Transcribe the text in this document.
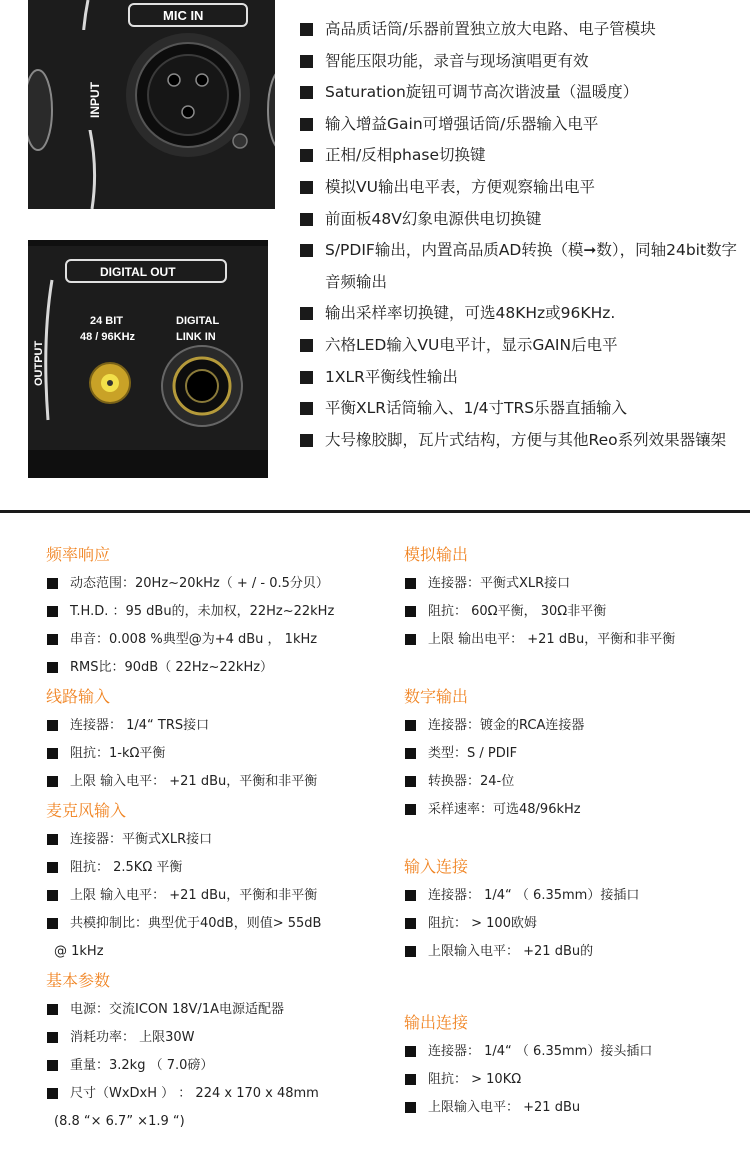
INPUT
MIC IN
OUTPUT
DIGITAL OUT
24 BIT
48 / 96KHz
DIGITAL
LINK IN
高品质话筒/乐器前置独立放大电路、电子管模块
智能压限功能，录音与现场演唱更有效
Saturation旋钮可调节高次谐波量（温暖度）
输入增益Gain可增强话筒/乐器输入电平
正相/反相phase切换键
模拟VU输出电平表，方便观察输出电平
前面板48V幻象电源供电切换键
S/PDIF输出，内置高品质AD转换（模➞数），同轴24bit数字音频输出
输出采样率切换键，可选48KHz或96KHz.
六格LED输入VU电平计，显示GAIN后电平
1XLR平衡线性输出
平衡XLR话筒输入、1/4寸TRS乐器直插输入
大号橡胶脚，瓦片式结构，方便与其他Reo系列效果器镶架
频率响应
动态范围：20Hz~20kHz（ + / - 0.5分贝）
T.H.D. ：95 dBu的，未加权，22Hz~22kHz
串音：0.008 %典型@为+4 dBu ， 1kHz
RMS比：90dB（ 22Hz~22kHz）
线路输入
连接器： 1/4“ TRS接口
阻抗：1-kΩ平衡
上限 输入电平： +21 dBu，平衡和非平衡
麦克风输入
连接器：平衡式XLR接口
阻抗： 2.5KΩ 平衡
上限 输入电平： +21 dBu，平衡和非平衡
共模抑制比：典型优于40dB，则值> 55dB
@ 1kHz
基本参数
电源：交流ICON 18V/1A电源适配器
消耗功率： 上限30W
重量：3.2kg （ 7.0磅）
尺寸（WxDxH ） ： 224 x 170 x 48mm
(8.8 “× 6.7” ×1.9 “)
模拟输出
连接器：平衡式XLR接口
阻抗： 60Ω平衡， 30Ω非平衡
上限 输出电平： +21 dBu，平衡和非平衡
数字输出
连接器：镀金的RCA连接器
类型：S / PDIF
转换器：24-位
采样速率：可选48/96kHz
输入连接
连接器： 1/4“ （ 6.35mm）接插口
阻抗： > 100欧姆
上限输入电平： +21 dBu的
输出连接
连接器： 1/4“ （ 6.35mm）接头插口
阻抗： > 10KΩ
上限输入电平： +21 dBu
